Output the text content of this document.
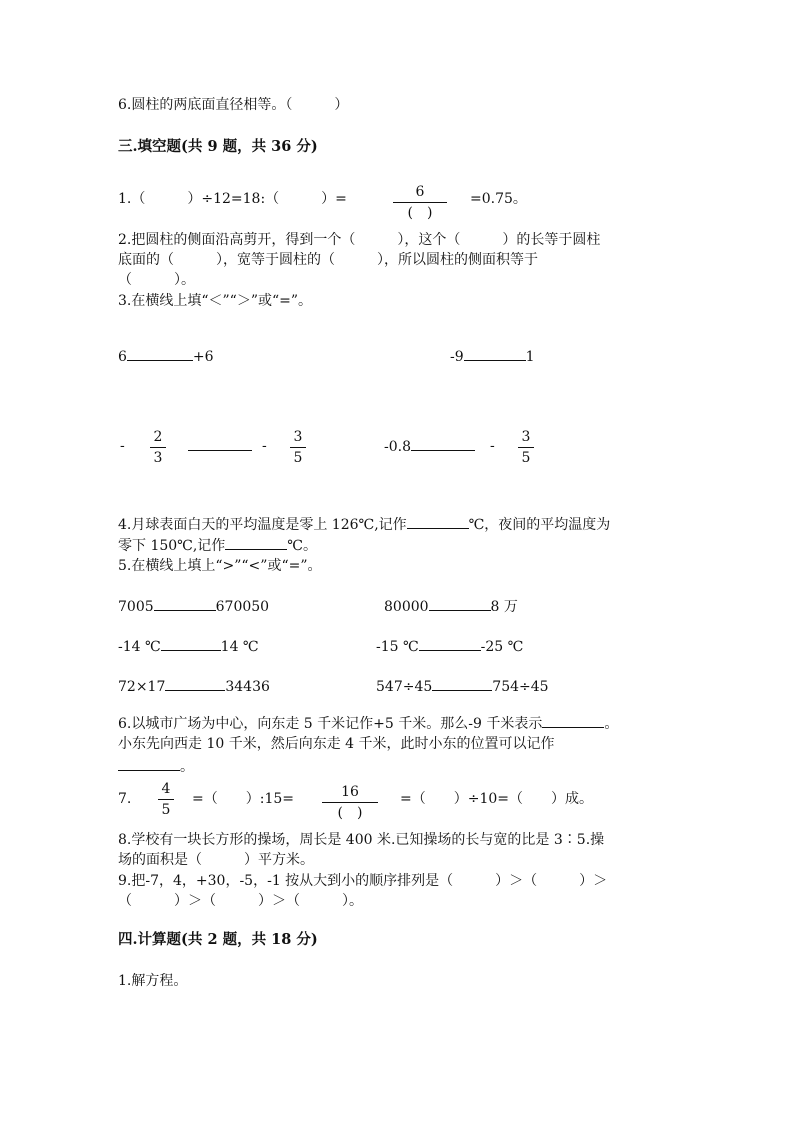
6.圆柱的两底面直径相等。（　　　）
三.填空题(共 9 题，共 36 分)
1.（　　　）÷12=18:（　　　）=	6
(　)
=0.75。
2.把圆柱的侧面沿高剪开，得到一个（　　　），这个（　　　）的长等于圆柱
底面的（　　　），宽等于圆柱的（　　　），所以圆柱的侧面积等于
（　　　）。
3.在横线上填“＜”“＞”或“=”。
6	+6	-9	1
-
2
3
-
3
5
-0.8	-
3
5
4.月球表面白天的平均温度是零上 126℃,记作	℃，夜间的平均温度为
零下 150℃,记作	℃。
5.在横线上填上“>”“<”或“=”。
7005	670050	80000	8 万
-14 ℃	14 ℃	-15 ℃	-25 ℃
72×17	34436	547÷45	754÷45
6.以城市广场为中心，向东走 5 千米记作+5 千米。那么-9 千米表示	。
小东先向西走 10 千米，然后向东走 4 千米，此时小东的位置可以记作
。
7.
4
5
=（　　）:15=	16
(　)
=（　　）÷10=（　　）成。
8.学校有一块长方形的操场，周长是 400 米.已知操场的长与宽的比是 3∶5.操
场的面积是（　　　）平方米。
9.把-7，4，+30，-5，-1 按从大到小的顺序排列是（　　　）＞（　　　）＞
（　　　）＞（　　　）＞（　　　）。
四.计算题(共 2 题，共 18 分)
1.解方程。
